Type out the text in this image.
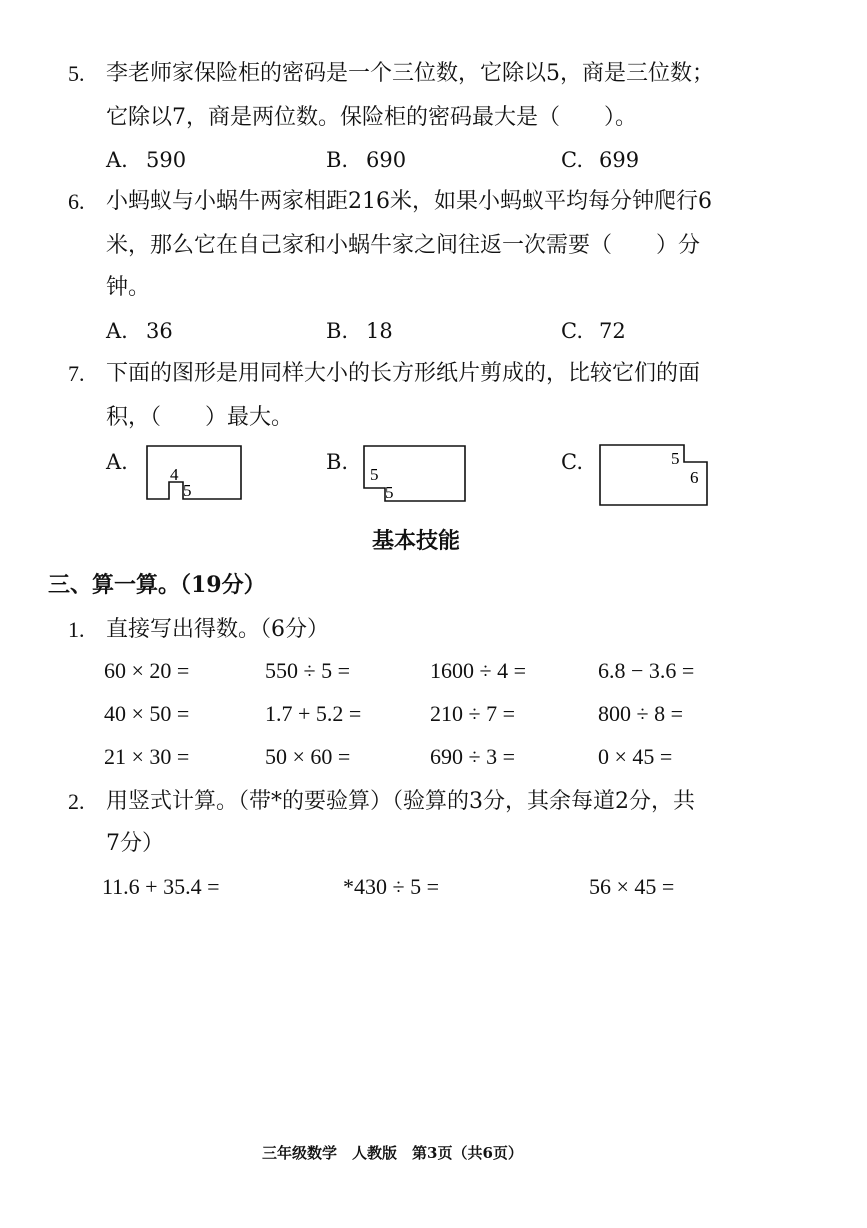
5. 李老师家保险柜的密码是一个三位数，它除以5，商是三位数；
它除以7，商是两位数。保险柜的密码最大是（　　）。
A. 590	B. 690	C. 699
6. 小蚂蚁与小蜗牛两家相距216米，如果小蚂蚁平均每分钟爬行6
米，那么它在自己家和小蜗牛家之间往返一次需要（　　）分
钟。
A. 36	B. 18	C. 72
7. 下面的图形是用同样大小的长方形纸片剪成的，比较它们的面
积，（　　）最大。
A.
4
5
B.
5
5
C.	5
6
基本技能
三、算一算。（19分）
1. 直接写出得数。（6分）
60 × 20 =	550 ÷ 5 =	1600 ÷ 4 =	6.8 − 3.6 =
40 × 50 =	1.7 + 5.2 =	210 ÷ 7 =	800 ÷ 8 =
21 × 30 =	50 × 60 =	690 ÷ 3 =	0 × 45 =
2. 用竖式计算。（带*的要验算）（验算的3分，其余每道2分，共
7分）
11.6 + 35.4 =	*430 ÷ 5 =	56 × 45 =
三年级数学　人教版　第3页（共6页）
